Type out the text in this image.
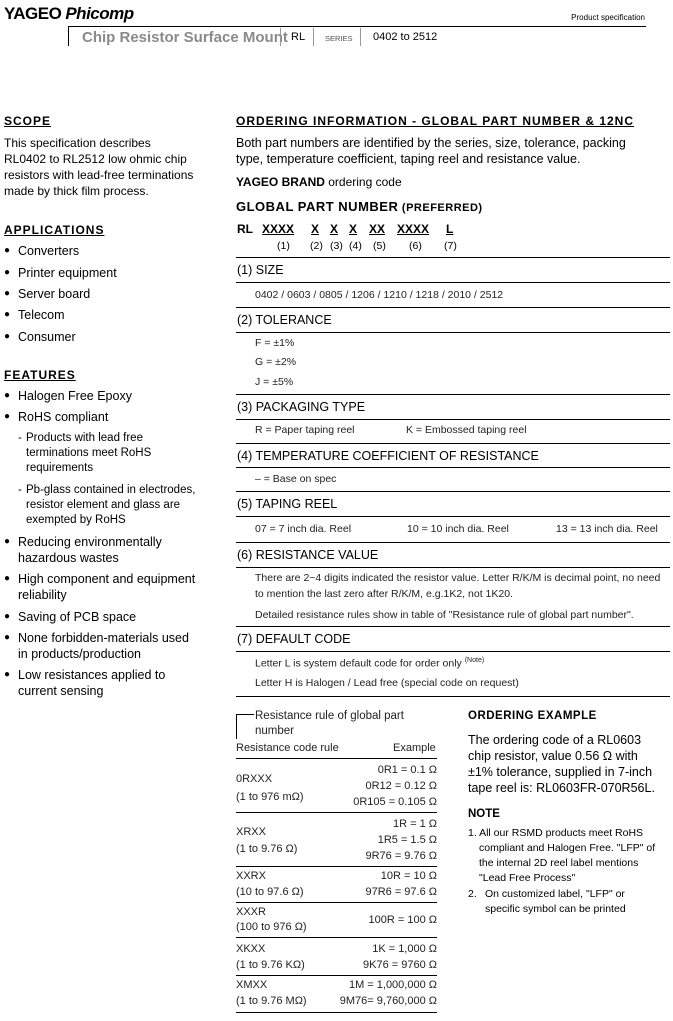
YAGEO Phicomp	Product specification
Chip Resistor Surface Mount RL	SERIES 0402 to 2512
SCOPE
This specification describes
RL0402 to RL2512 low ohmic chip
resistors with lead-free terminations
made by thick film process.
APPLICATIONS
● Converters
● Printer equipment
● Server board
● Telecom
● Consumer
FEATURES
● Halogen Free Epoxy
● RoHS compliant
- Products with lead free
terminations meet RoHS
requirements
- Pb-glass contained in electrodes,
resistor element and glass are
exempted by RoHS
● Reducing environmentally
hazardous wastes
● High component and equipment
reliability
● Saving of PCB space
● None forbidden-materials used
in products/production
● Low resistances applied to
current sensing
ORDERING INFORMATION - GLOBAL PART NUMBER & 12NC
Both part numbers are identified by the series, size, tolerance, packing
type, temperature coefficient, taping reel and resistance value.
YAGEO BRAND ordering code
GLOBAL PART NUMBER (PREFERRED)
RL XXXX X X X XX XXXX L
(1) (2) (3) (4) (5) (6) (7)
(1) SIZE
0402 / 0603 / 0805 / 1206 / 1210 / 1218 / 2010 / 2512
(2) TOLERANCE
F = ±1%
G = ±2%
J = ±5%
(3) PACKAGING TYPE
R = Paper taping reel	K = Embossed taping reel
(4) TEMPERATURE COEFFICIENT OF RESISTANCE
– = Base on spec
(5) TAPING REEL
07 = 7 inch dia. Reel	10 = 10 inch dia. Reel	13 = 13 inch dia. Reel
(6) RESISTANCE VALUE
There are 2~4 digits indicated the resistor value. Letter R/K/M is decimal point, no need
to mention the last zero after R/K/M, e.g.1K2, not 1K20.
Detailed resistance rules show in table of "Resistance rule of global part number".
(7) DEFAULT CODE
Letter L is system default code for order only $^{(Note)}$
Letter H is Halogen / Lead free (special code on request)
Resistance rule of global part
number
Resistance code rule	Example
0RXXX
(1 to 976 mΩ)
0R1 = 0.1 Ω
0R12 = 0.12 Ω
0R105 = 0.105 Ω
XRXX
(1 to 9.76 Ω)
1R = 1 Ω
1R5 = 1.5 Ω
9R76 = 9.76 Ω
XXRX
(10 to 97.6 Ω)
10R = 10 Ω
97R6 = 97.6 Ω
XXXR
(100 to 976 Ω)
100R = 100 Ω
XKXX
(1 to 9.76 KΩ)
1K = 1,000 Ω
9K76 = 9760 Ω
XMXX
(1 to 9.76 MΩ)
1M = 1,000,000 Ω
9M76= 9,760,000 Ω
ORDERING EXAMPLE
The ordering code of a RL0603
chip resistor, value 0.56 Ω with
±1% tolerance, supplied in 7-inch
tape reel is: RL0603FR-070R56L.
NOTE
1. All our RSMD products meet RoHS
compliant and Halogen Free. "LFP" of
the internal 2D reel label mentions
"Lead Free Process"
2. On customized label, "LFP" or
specific symbol can be printed
